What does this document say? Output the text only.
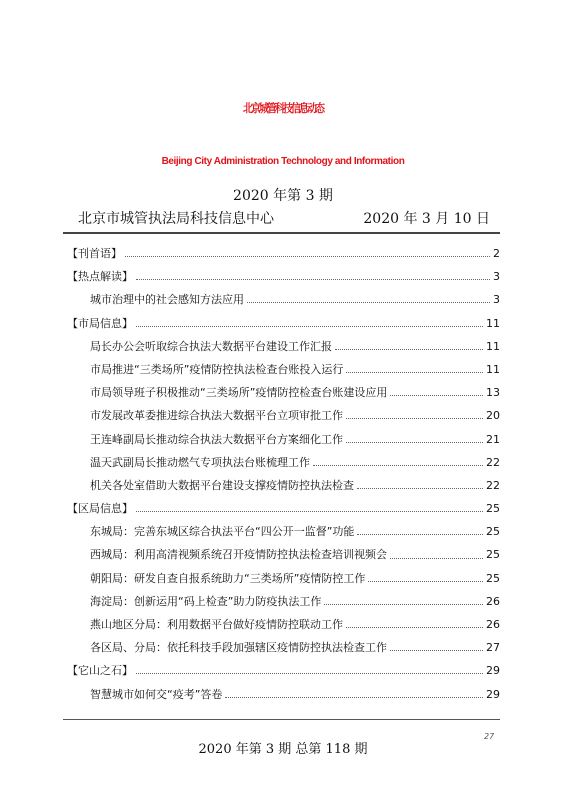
北京城管科技信息动态
Beijing City Administration Technology and Information
2020 年第 3 期
北京市城管执法局科技信息中心	2020 年 3 月 10 日
【刊首语】	2
【热点解读】	3
城市治理中的社会感知方法应用	3
【市局信息】	11
局长办公会听取综合执法大数据平台建设工作汇报	11
市局推进“三类场所”疫情防控执法检查台账投入运行	11
市局领导班子积极推动“三类场所”疫情防控检查台账建设应用	13
市发展改革委推进综合执法大数据平台立项审批工作	20
王连峰副局长推动综合执法大数据平台方案细化工作	21
温天武副局长推动燃气专项执法台账梳理工作	22
机关各处室借助大数据平台建设支撑疫情防控执法检查	22
【区局信息】	25
东城局：完善东城区综合执法平台“四公开一监督”功能	25
西城局：利用高清视频系统召开疫情防控执法检查培训视频会	25
朝阳局：研发自查自报系统助力“三类场所”疫情防控工作	25
海淀局：创新运用“码上检查”助力防疫执法工作	26
燕山地区分局：利用数据平台做好疫情防控联动工作	26
各区局、分局：依托科技手段加强辖区疫情防控执法检查工作	27
【它山之石】	29
智慧城市如何交“疫考”答卷	29
27
2020 年第 3 期 总第 118 期
